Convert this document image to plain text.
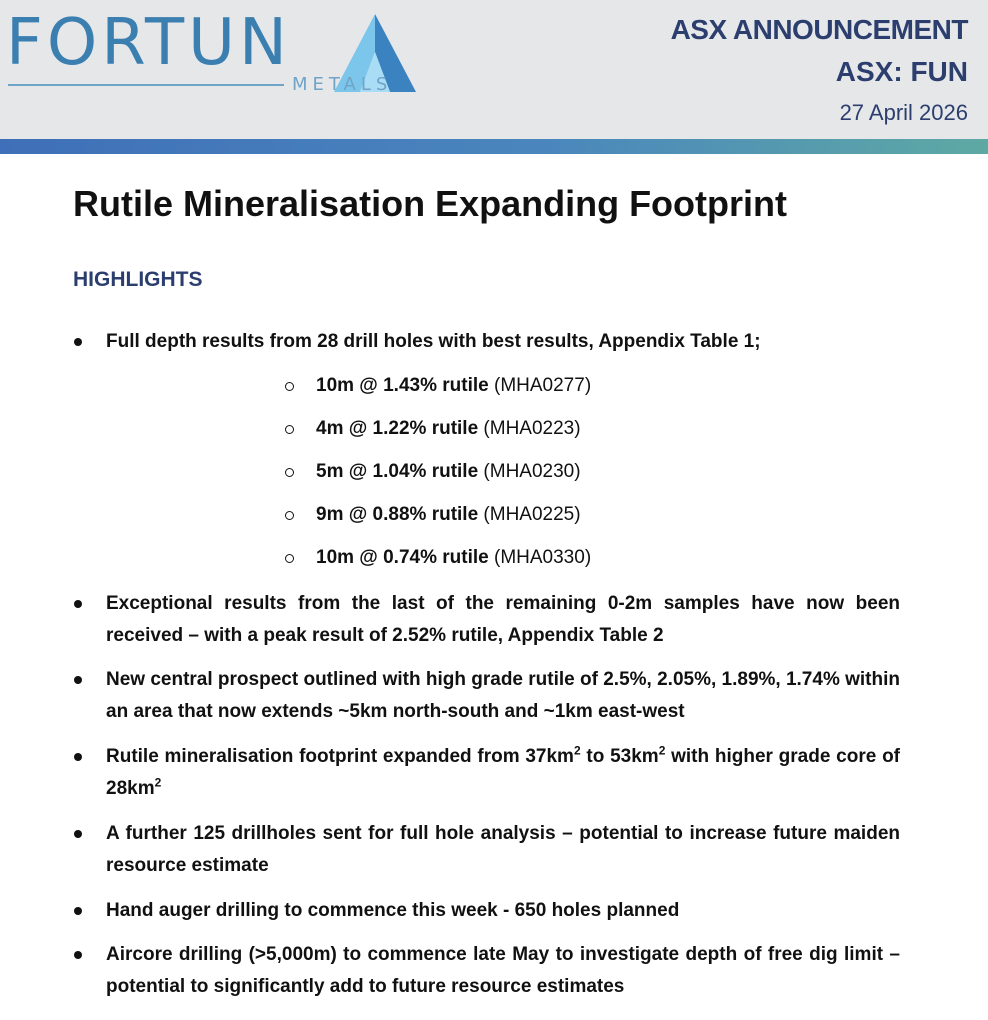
FORTUN
METALS
ASX ANNOUNCEMENT
ASX: FUN
27 April 2026
Rutile Mineralisation Expanding Footprint
HIGHLIGHTS
Full depth results from 28 drill holes with best results, Appendix Table 1;
10m @ 1.43% rutile (MHA0277)
4m @ 1.22% rutile (MHA0223)
5m @ 1.04% rutile (MHA0230)
9m @ 0.88% rutile (MHA0225)
10m @ 0.74% rutile (MHA0330)
Exceptional results from the last of the remaining 0-2m samples have now been received – with a peak result of 2.52% rutile, Appendix Table 2
New central prospect outlined with high grade rutile of 2.5%, 2.05%, 1.89%, 1.74% within an area that now extends ~5km north-south and ~1km east-west
Rutile mineralisation footprint expanded from $37km^2$ to $53km^2$ with higher grade core of $28km^2$
A further 125 drillholes sent for full hole analysis – potential to increase future maiden resource estimate
Hand auger drilling to commence this week - 650 holes planned
Aircore drilling (>5,000m) to commence late May to investigate depth of free dig limit – potential to significantly add to future resource estimates
